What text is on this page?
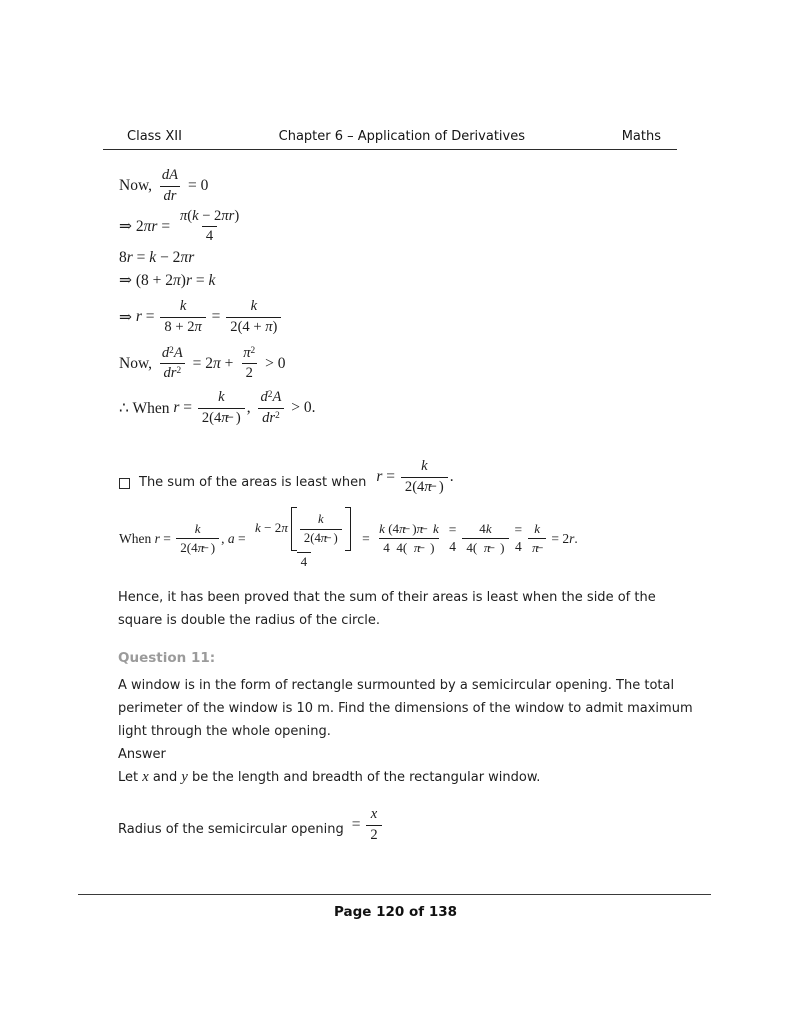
Class XII	Chapter 6 – Application of Derivatives	Maths
Now, $\frac{dA}{dr} = 0$
⇒ 2 $\pi r = \frac{\pi(k - 2\pi r)}{4}$
8 r = k − 2 πr
⇒ (8 + 2 π ) r = k
⇒ $r = \frac{k}{8 + 2\pi} = \frac{k}{2(4 + \pi)}$
Now, $\frac{d^2A}{dr^2} = 2$ $\pi + \frac{\pi^2}{2} > 0$
∴ When $r = \frac{k}{2(4\pi̶ )}$ , $\frac{d^2A}{dr^2} > 0$.
The sum of the areas is least when $r = \frac{k}{2(4\pi̶ )}$ .
When $r = \frac{k}{2(4\pi̶ )}$ , $a = \frac{k - 2\pi \frac{k}{2(4\pi̶ )}}{4} = \frac{k (4\pi̶ )\pi̶ k}{4 4( \pi̶ )}$ =
$4 \frac{4k}{4( \pi̶ )}$ =
$4 \frac{k}{\pi̶} = 2$ r .
Hence, it has been proved that the sum of their areas is least when the side of the
square is double the radius of the circle.
Question 11:
A window is in the form of rectangle surmounted by a semicircular opening. The total
perimeter of the window is 10 m. Find the dimensions of the window to admit maximum
light through the whole opening.
Answer
Let x and y be the length and breadth of the rectangular window.
Radius of the semicircular opening = $\frac{x}{2}$
Page 120 of 138
